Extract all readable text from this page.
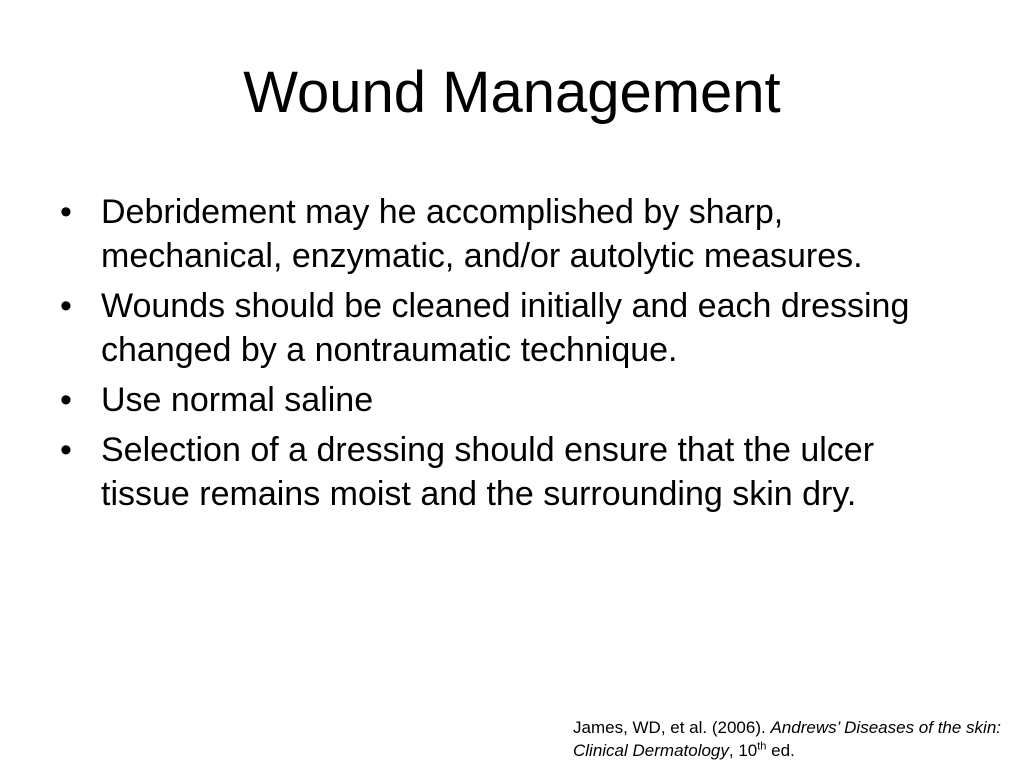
Wound Management
• Debridement may he accomplished by sharp, mechanical, enzymatic, and/or autolytic measures.
• Wounds should be cleaned initially and each dressing changed by a nontraumatic technique.
• Use normal saline
• Selection of a dressing should ensure that the ulcer tissue remains moist and the surrounding skin dry.
James, WD, et al. (2006). Andrews’ Diseases of the skin: Clinical Dermatology, 10th ed.
